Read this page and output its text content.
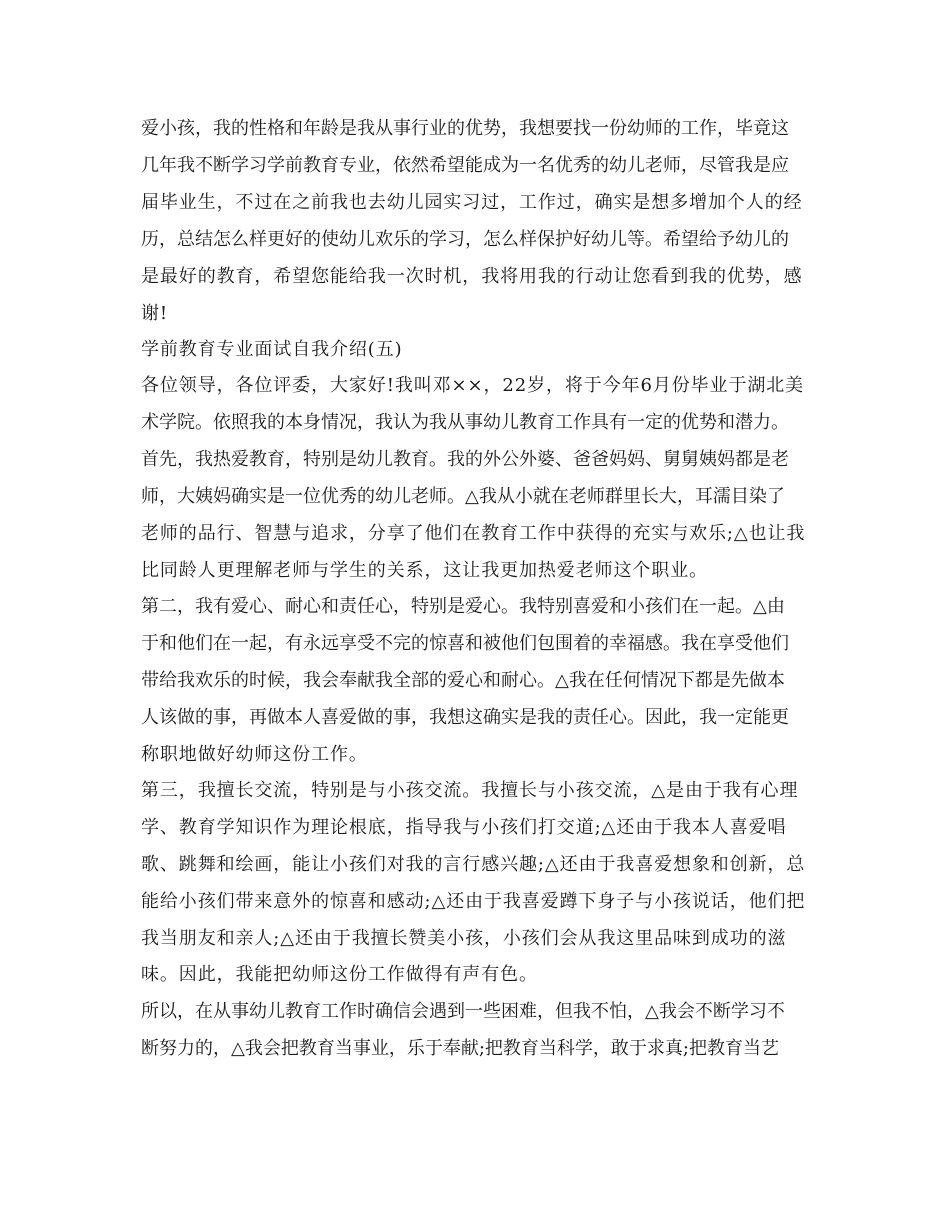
爱小孩，我的性格和年龄是我从事行业的优势，我想要找一份幼师的工作，毕竟这
几年我不断学习学前教育专业，依然希望能成为一名优秀的幼儿老师，尽管我是应
届毕业生，不过在之前我也去幼儿园实习过，工作过，确实是想多增加个人的经
历，总结怎么样更好的使幼儿欢乐的学习，怎么样保护好幼儿等。希望给予幼儿的
是最好的教育，希望您能给我一次时机，我将用我的行动让您看到我的优势，感
谢!
学前教育专业面试自我介绍(五)
各位领导，各位评委，大家好!我叫邓××，22岁，将于今年6月份毕业于湖北美
术学院。依照我的本身情况，我认为我从事幼儿教育工作具有一定的优势和潜力。
首先，我热爱教育，特别是幼儿教育。我的外公外婆、爸爸妈妈、舅舅姨妈都是老
师，大姨妈确实是一位优秀的幼儿老师。△我从小就在老师群里长大，耳濡目染了
老师的品行、智慧与追求，分享了他们在教育工作中获得的充实与欢乐;△也让我
比同龄人更理解老师与学生的关系，这让我更加热爱老师这个职业。
第二，我有爱心、耐心和责任心，特别是爱心。我特别喜爱和小孩们在一起。△由
于和他们在一起，有永远享受不完的惊喜和被他们包围着的幸福感。我在享受他们
带给我欢乐的时候，我会奉献我全部的爱心和耐心。△我在任何情况下都是先做本
人该做的事，再做本人喜爱做的事，我想这确实是我的责任心。因此，我一定能更
称职地做好幼师这份工作。
第三，我擅长交流，特别是与小孩交流。我擅长与小孩交流，△是由于我有心理
学、教育学知识作为理论根底，指导我与小孩们打交道;△还由于我本人喜爱唱
歌、跳舞和绘画，能让小孩们对我的言行感兴趣;△还由于我喜爱想象和创新，总
能给小孩们带来意外的惊喜和感动;△还由于我喜爱蹲下身子与小孩说话，他们把
我当朋友和亲人;△还由于我擅长赞美小孩，小孩们会从我这里品味到成功的滋
味。因此，我能把幼师这份工作做得有声有色。
所以，在从事幼儿教育工作时确信会遇到一些困难，但我不怕，△我会不断学习不
断努力的，△我会把教育当事业，乐于奉献;把教育当科学，敢于求真;把教育当艺
